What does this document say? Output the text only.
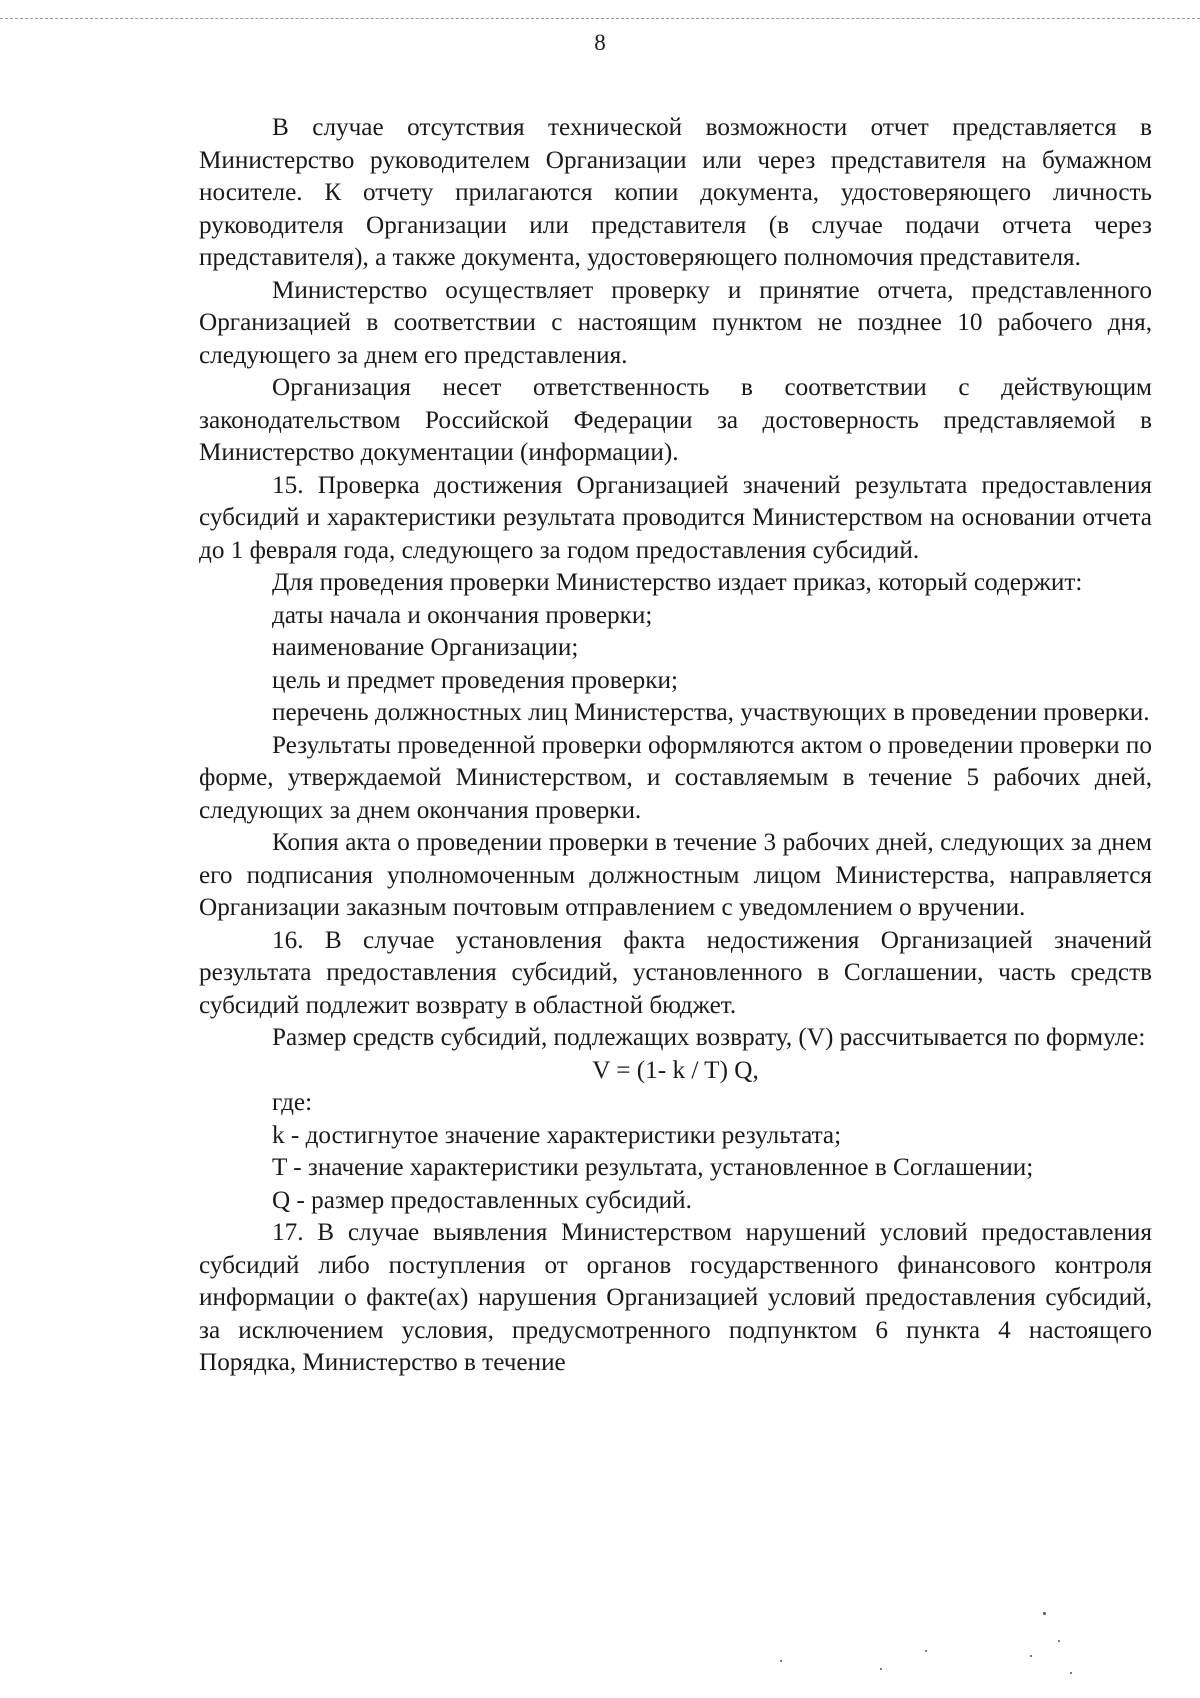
8

В случае отсутствия технической возможности отчет представляется в Министерство руководителем Организации или через представителя на бумажном носителе. К отчету прилагаются копии документа, удостоверяющего личность руководителя Организации или представителя (в случае подачи отчета через представителя), а также документа, удостоверяющего полномочия представителя.

Министерство осуществляет проверку и принятие отчета, представленного Организацией в соответствии с настоящим пунктом не позднее 10 рабочего дня, следующего за днем его представления.

Организация несет ответственность в соответствии с действующим законодательством Российской Федерации за достоверность представляемой в Министерство документации (информации).

15. Проверка достижения Организацией значений результата предоставления субсидий и характеристики результата проводится Министерством на основании отчета до 1 февраля года, следующего за годом предоставления субсидий.

Для проведения проверки Министерство издает приказ, который содержит:

даты начала и окончания проверки;

наименование Организации;

цель и предмет проведения проверки;

перечень должностных лиц Министерства, участвующих в проведении проверки.

Результаты проведенной проверки оформляются актом о проведении проверки по форме, утверждаемой Министерством, и составляемым в течение 5 рабочих дней, следующих за днем окончания проверки.

Копия акта о проведении проверки в течение 3 рабочих дней, следующих за днем его подписания уполномоченным должностным лицом Министерства, направляется Организации заказным почтовым отправлением с уведомлением о вручении.

16. В случае установления факта недостижения Организацией значений результата предоставления субсидий, установленного в Соглашении, часть средств субсидий подлежит возврату в областной бюджет.

Размер средств субсидий, подлежащих возврату, (V) рассчитывается по формуле:

V = (1- k / T) Q,

где:

k - достигнутое значение характеристики результата;

T - значение характеристики результата, установленное в Соглашении;

Q - размер предоставленных субсидий.

17. В случае выявления Министерством нарушений условий предоставления субсидий либо поступления от органов государственного финансового контроля информации о факте(ах) нарушения Организацией условий предоставления субсидий, за исключением условия, предусмотренного подпунктом 6 пункта 4 настоящего Порядка, Министерство в течение
